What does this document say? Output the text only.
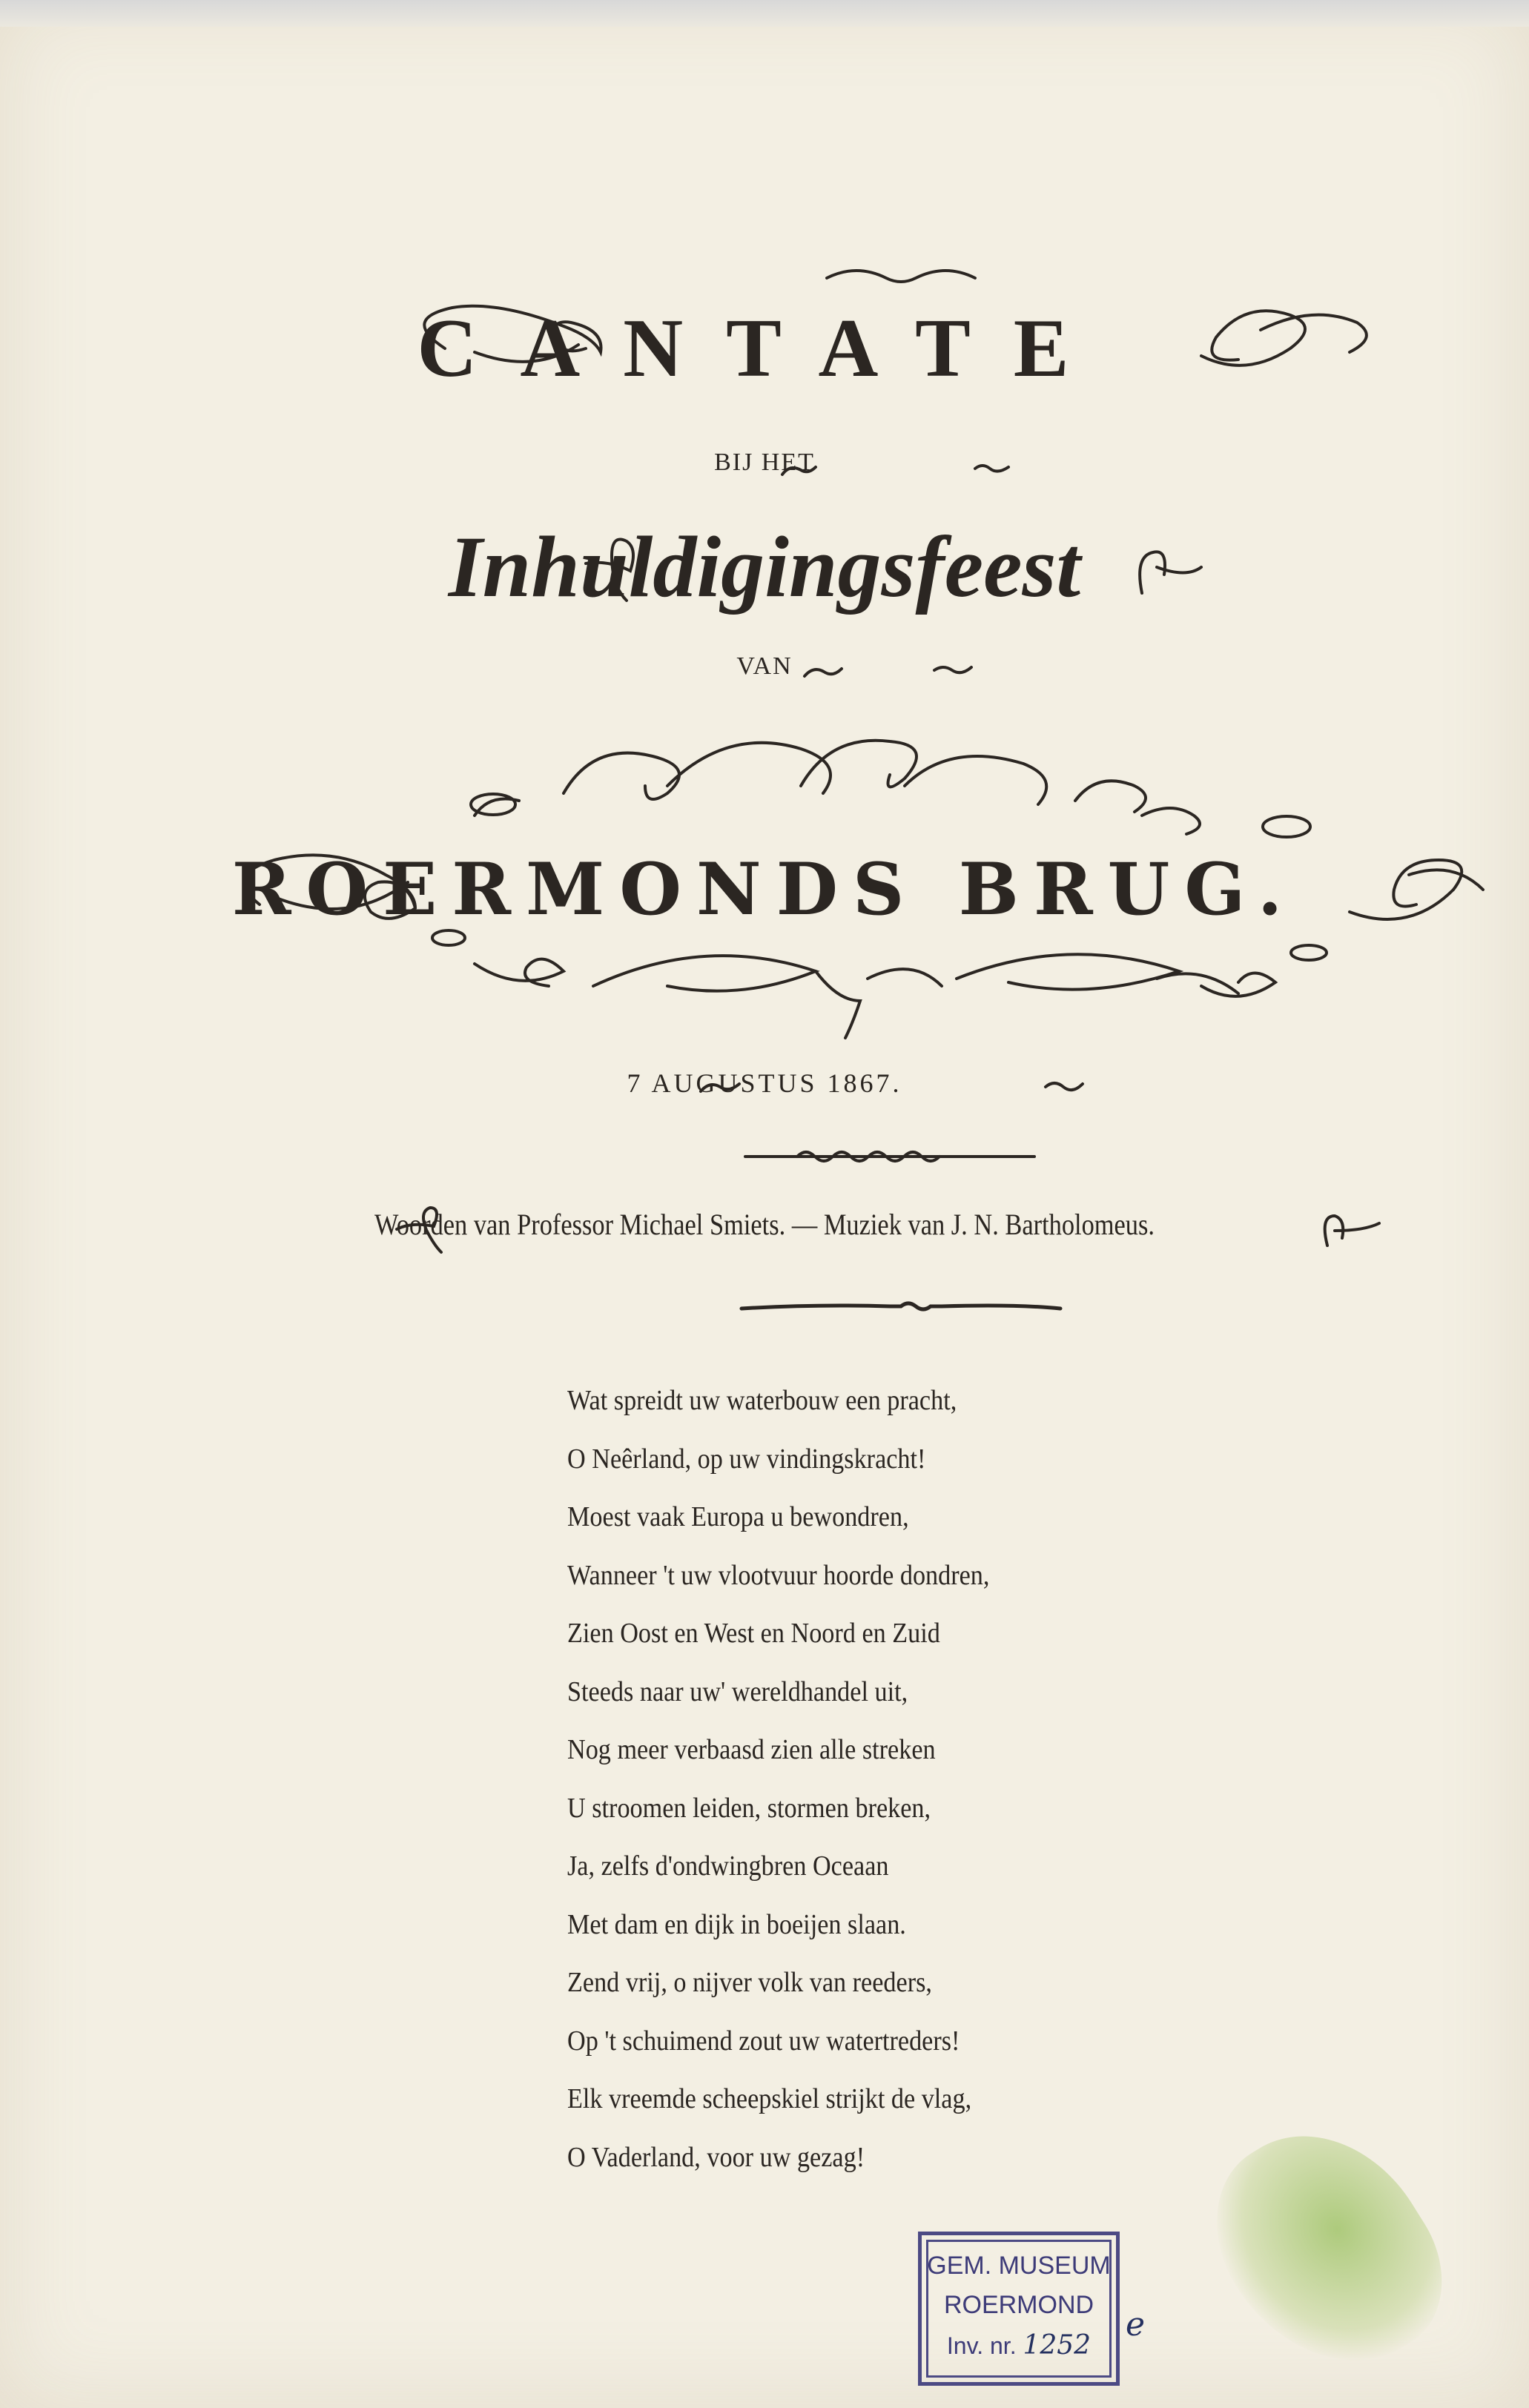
CANTATE
BIJ HET
Inhuldigingsfeest
VAN
ROERMONDS BRUG.
7 AUGUSTUS 1867.
Woorden van Professor Michael Smiets. — Muziek van J. N. Bartholomeus.
Wat spreidt uw waterbouw een pracht,
O Neêrland, op uw vindingskracht!
Moest vaak Europa u bewondren,
Wanneer 't uw vlootvuur hoorde dondren,
Zien Oost en West en Noord en Zuid
Steeds naar uw' wereldhandel uit,
Nog meer verbaasd zien alle streken
U stroomen leiden, stormen breken,
Ja, zelfs d'ondwingbren Oceaan
Met dam en dijk in boeijen slaan.
Zend vrij, o nijver volk van reeders,
Op 't schuimend zout uw watertreders!
Elk vreemde scheepskiel strijkt de vlag,
O Vaderland, voor uw gezag!
GEM. MUSEUM
ROERMOND
Inv. nr. 1252
e
